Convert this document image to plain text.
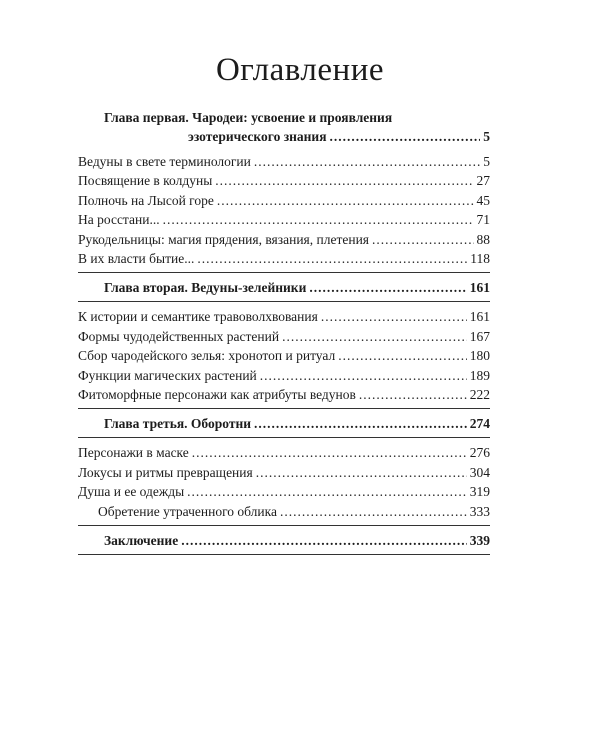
Оглавление
Глава первая. Чародеи: усвоение и проявления
эзотерического знания .....	5
Ведуны в свете терминологии .....	5
Посвящение в колдуны .....	27
Полночь на Лысой горе .....	45
На росстани... .....	71
Рукодельницы: магия прядения, вязания, плетения .....	88
В их власти бытие... .....	118
Глава вторая. Ведуны-зелейники .....	161
К истории и семантике травоволхвования .....	161
Формы чудодейственных растений .....	167
Сбор чародейского зелья: хронотоп и ритуал .....	180
Функции магических растений .....	189
Фитоморфные персонажи как атрибуты ведунов .....	222
Глава третья. Оборотни .....	274
Персонажи в маске .....	276
Локусы и ритмы превращения .....	304
Душа и ее одежды .....	319
Обретение утраченного облика .....	333
Заключение .....	339
